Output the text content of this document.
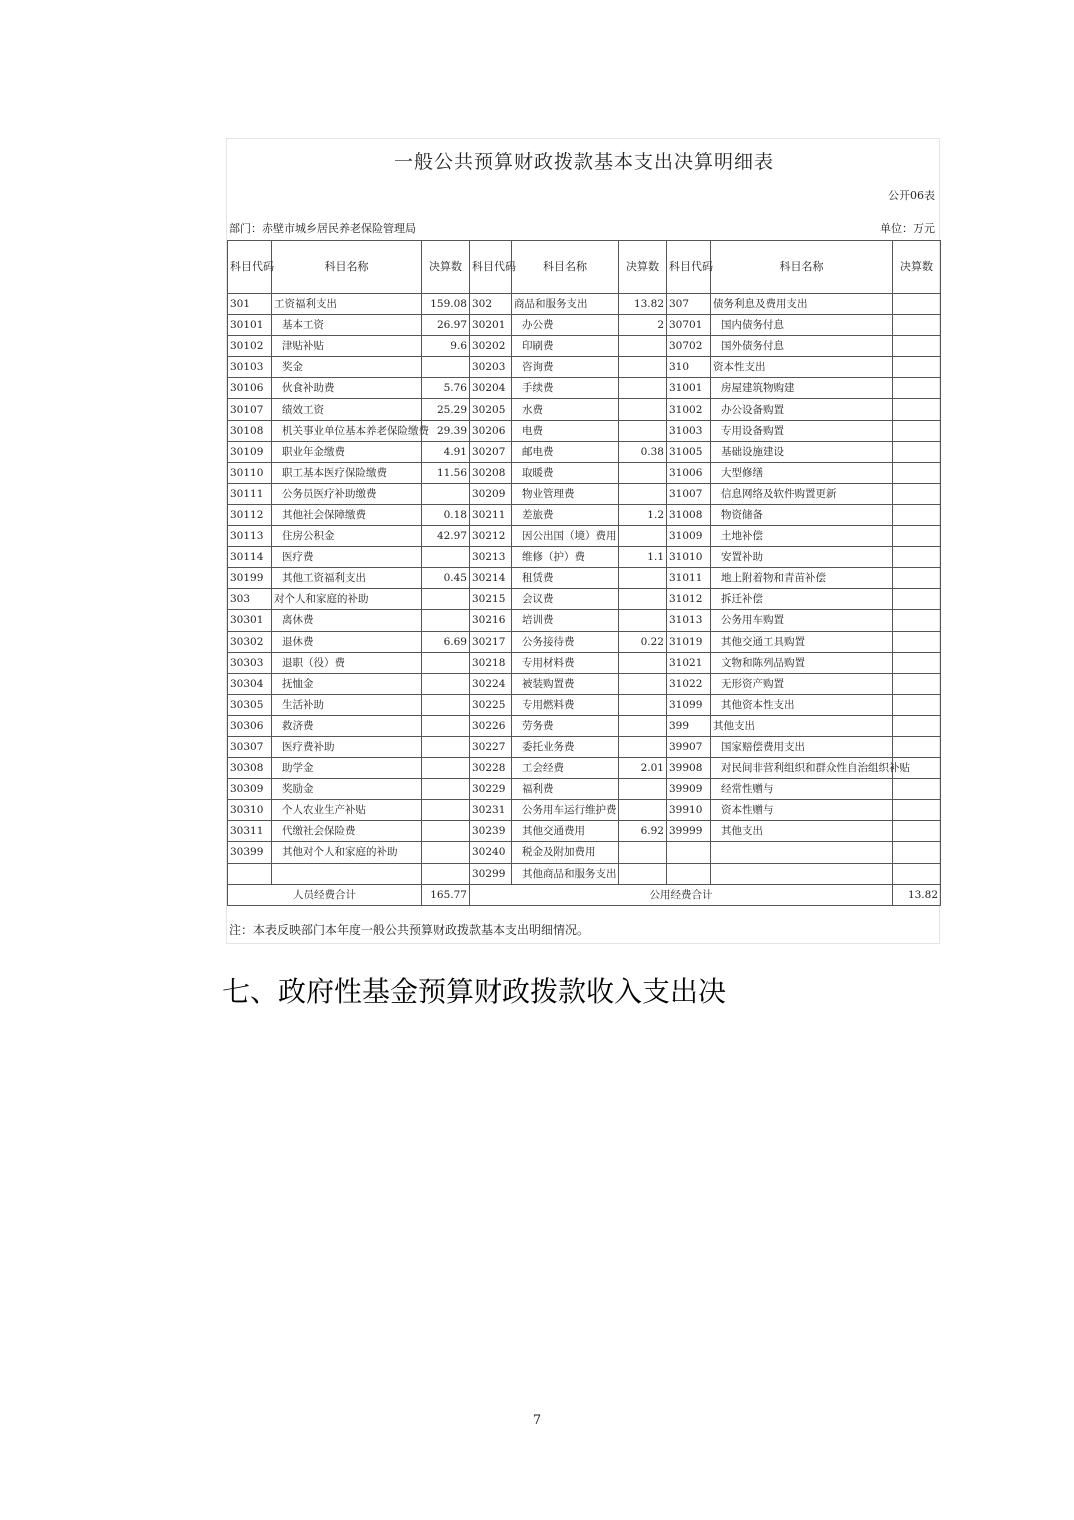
一般公共预算财政拨款基本支出决算明细表
公开06表
部门：赤壁市城乡居民养老保险管理局	单位：万元
科目代码	科目名称	决算数	科目代码	科目名称	决算数	科目代码	科目名称	决算数
301	工资福利支出	159.08	302	商品和服务支出	13.82	307	债务利息及费用支出	
30101	基本工资	26.97	30201	办公费	2	30701	国内债务付息	
30102	津贴补贴	9.6	30202	印刷费		30702	国外债务付息	
30103	奖金		30203	咨询费		310	资本性支出	
30106	伙食补助费	5.76	30204	手续费		31001	房屋建筑物购建	
30107	绩效工资	25.29	30205	水费		31002	办公设备购置	
30108	机关事业单位基本养老保险缴费	29.39	30206	电费		31003	专用设备购置	
30109	职业年金缴费	4.91	30207	邮电费	0.38	31005	基础设施建设	
30110	职工基本医疗保险缴费	11.56	30208	取暖费		31006	大型修缮	
30111	公务员医疗补助缴费		30209	物业管理费		31007	信息网络及软件购置更新	
30112	其他社会保障缴费	0.18	30211	差旅费	1.2	31008	物资储备	
30113	住房公积金	42.97	30212	因公出国（境）费用		31009	土地补偿	
30114	医疗费		30213	维修（护）费	1.1	31010	安置补助	
30199	其他工资福利支出	0.45	30214	租赁费		31011	地上附着物和青苗补偿	
303	对个人和家庭的补助		30215	会议费		31012	拆迁补偿	
30301	离休费		30216	培训费		31013	公务用车购置	
30302	退休费	6.69	30217	公务接待费	0.22	31019	其他交通工具购置	
30303	退职（役）费		30218	专用材料费		31021	文物和陈列品购置	
30304	抚恤金		30224	被装购置费		31022	无形资产购置	
30305	生活补助		30225	专用燃料费		31099	其他资本性支出	
30306	救济费		30226	劳务费		399	其他支出	
30307	医疗费补助		30227	委托业务费		39907	国家赔偿费用支出	
30308	助学金		30228	工会经费	2.01	39908	对民间非营利组织和群众性自治组织补贴	
30309	奖励金		30229	福利费		39909	经常性赠与	
30310	个人农业生产补贴		30231	公务用车运行维护费		39910	资本性赠与	
30311	代缴社会保险费		30239	其他交通费用	6.92	39999	其他支出	
30399	其他对个人和家庭的补助		30240	税金及附加费用				
			30299	其他商品和服务支出				
人员经费合计		165.77	公用经费合计					13.82
注：本表反映部门本年度一般公共预算财政拨款基本支出明细情况。
七、政府性基金预算财政拨款收入支出决
7
